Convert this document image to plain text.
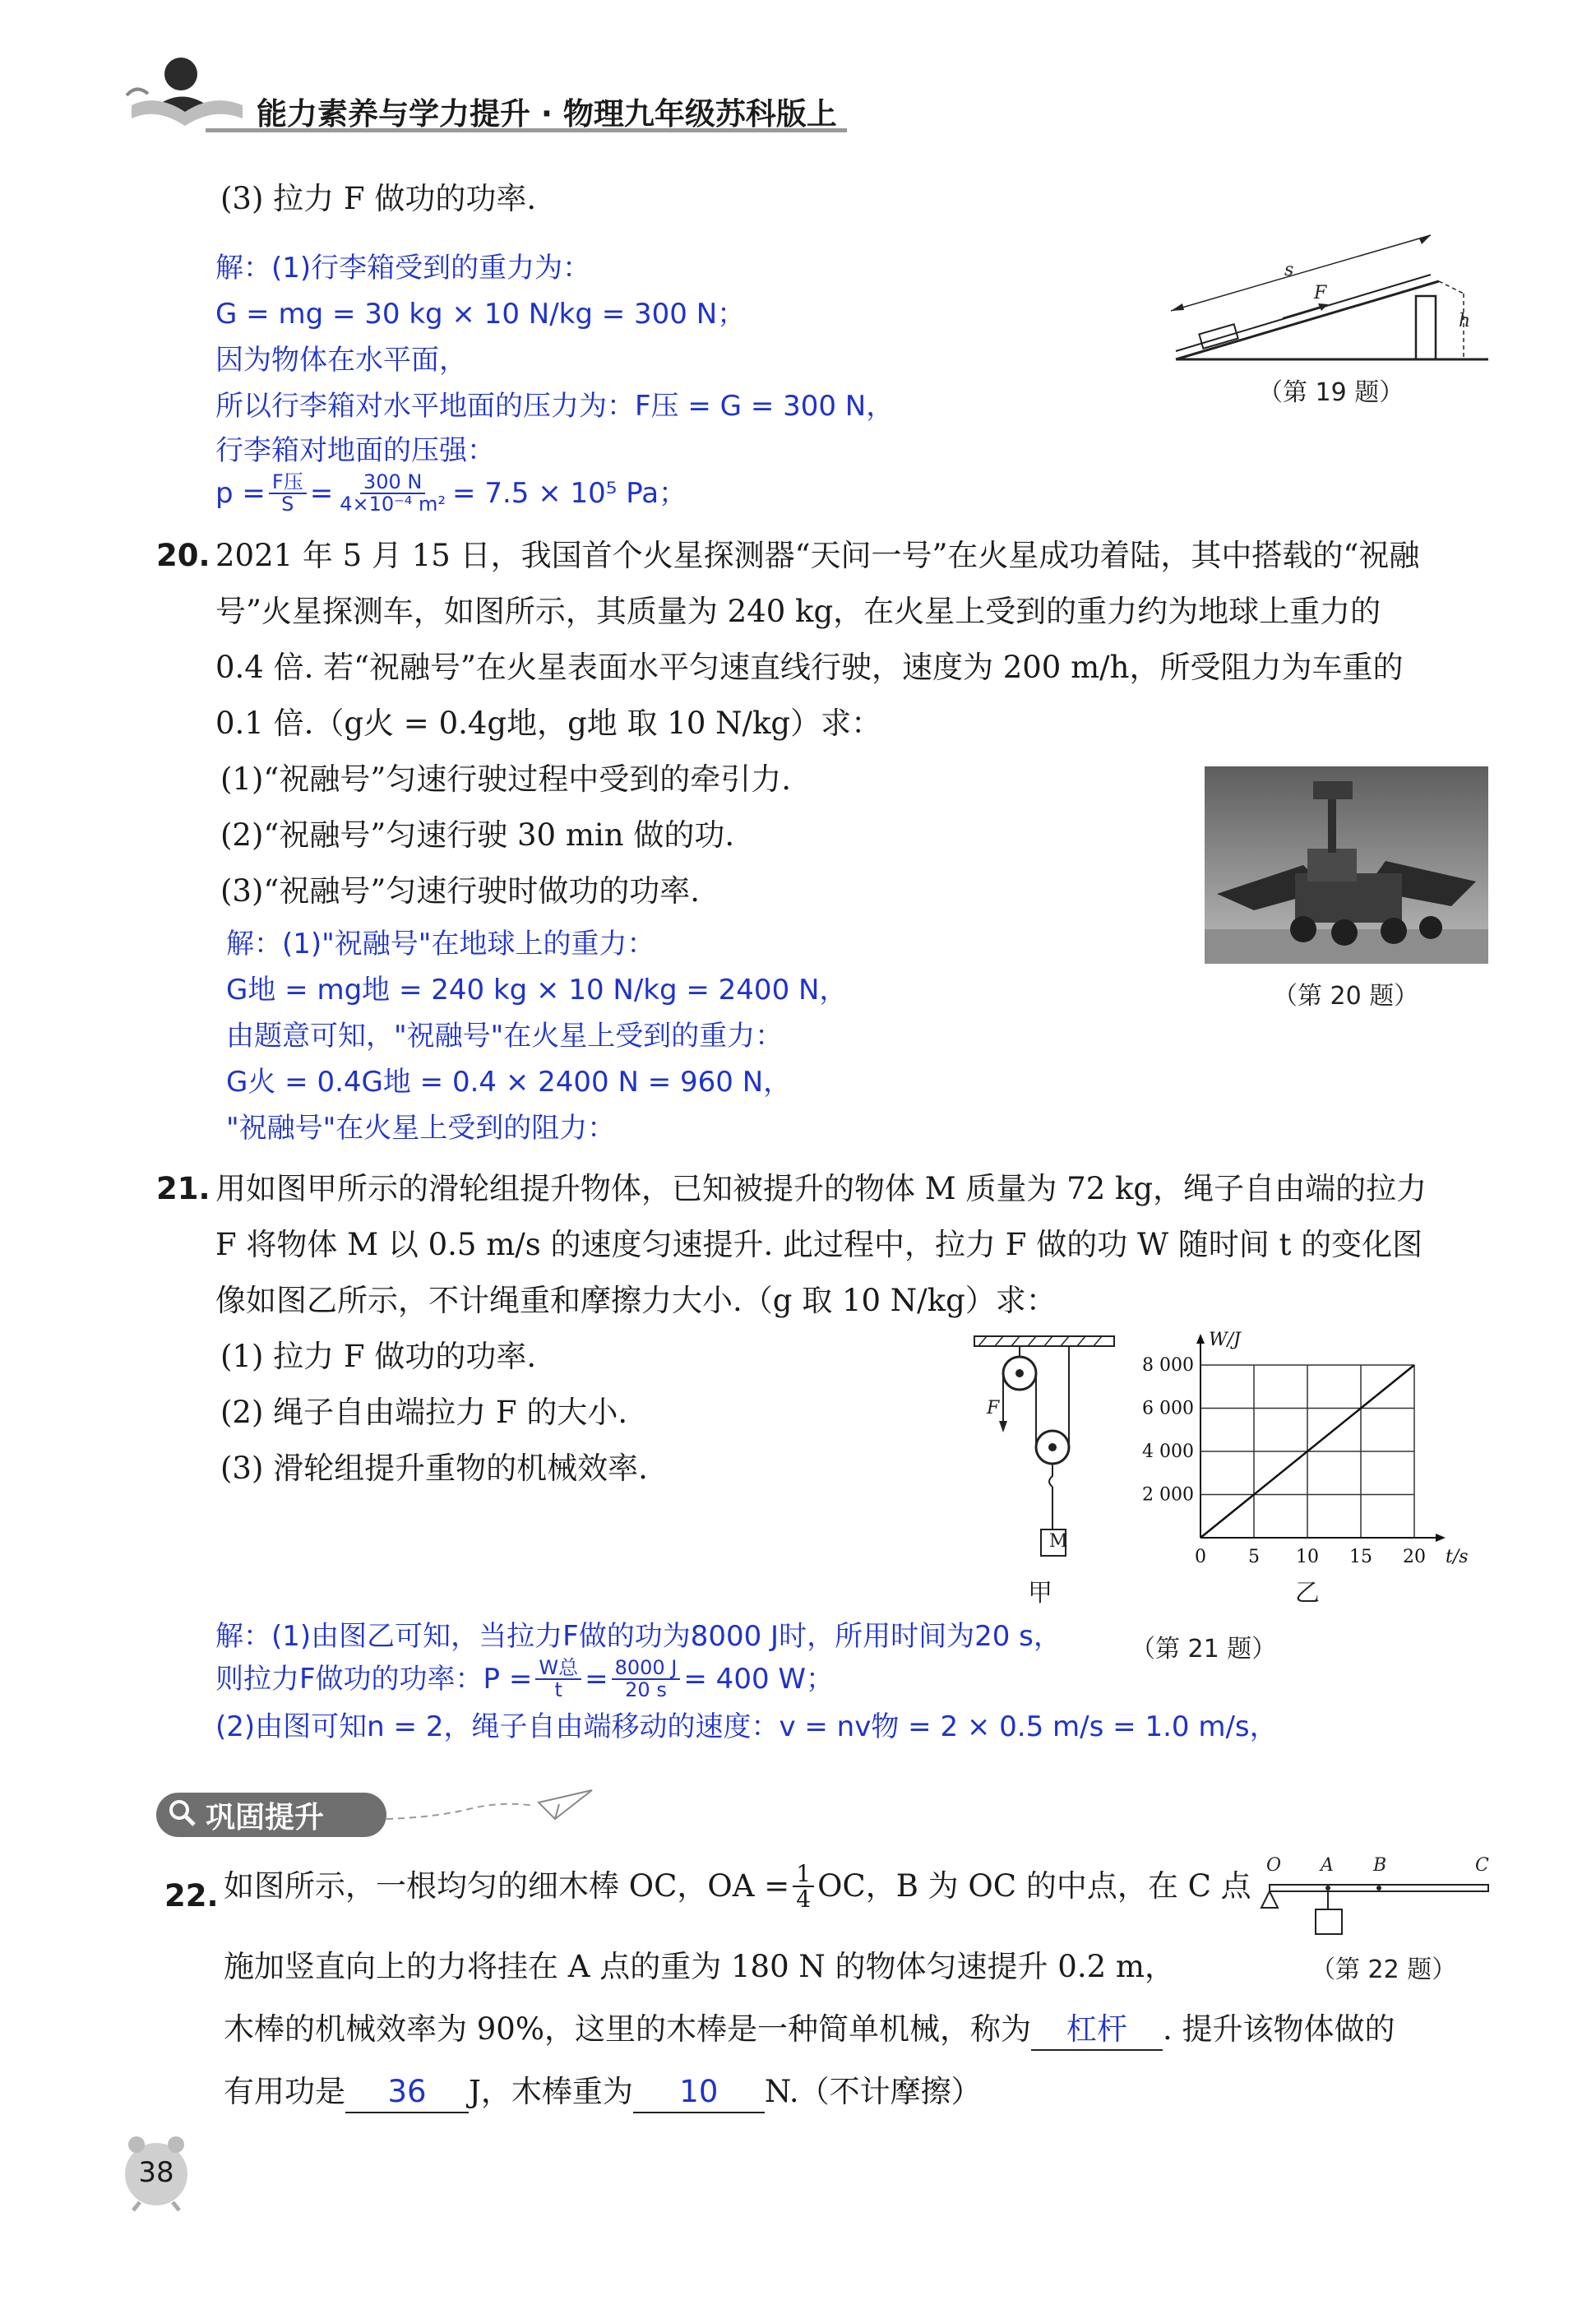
能力素养与学力提升 · 物理九年级苏科版上
(3) 拉力 F 做功的功率.
解：(1)行李箱受到的重力为：
G = mg = 30 kg × 10 N/kg = 300 N；
因为物体在水平面，
所以行李箱对水平地面的压力为：F压 = G = 300 N，
行李箱对地面的压强：
$p = \frac{\text{F压}}{S} = \frac{300 N}{\text{4×10⁻⁴ m²}} = 7.5 \times 10^5$ Pa；
s
F
h
（第 19 题）
20. 2021 年 5 月 15 日，我国首个火星探测器“天问一号”在火星成功着陆，其中搭载的“祝融
号”火星探测车，如图所示，其质量为 240 kg，在火星上受到的重力约为地球上重力的
0.4 倍. 若“祝融号”在火星表面水平匀速直线行驶，速度为 200 m/h，所受阻力为车重的
0.1 倍.（g火 = 0.4g地，g地 取 10 N/kg）求：
(1)“祝融号”匀速行驶过程中受到的牵引力.
(2)“祝融号”匀速行驶 30 min 做的功.
(3)“祝融号”匀速行驶时做功的功率.
解：(1)"祝融号"在地球上的重力：
G地 = mg地 = 240 kg × 10 N/kg = 2400 N，
由题意可知，"祝融号"在火星上受到的重力：
G火 = 0.4G地 = 0.4 × 2400 N = 960 N，
"祝融号"在火星上受到的阻力：
（第 20 题）
21. 用如图甲所示的滑轮组提升物体，已知被提升的物体 M 质量为 72 kg，绳子自由端的拉力
F 将物体 M 以 0.5 m/s 的速度匀速提升. 此过程中，拉力 F 做的功 W 随时间 t 的变化图
像如图乙所示，不计绳重和摩擦力大小.（g 取 10 N/kg）求：
(1) 拉力 F 做功的功率.
(2) 绳子自由端拉力 F 的大小.
(3) 滑轮组提升重物的机械效率.
F
M
甲
0 5 10 15 20
2 000
4 000
6 000
8 000
t/s
W/J
乙
解：(1)由图乙可知，当拉力F做的功为8000 J时，所用时间为20 s，	（第 21 题）
则拉力F做功的功率：$P = \frac{\text{W总}}{t} = \frac{8000 J}{20 s} = 400$ W；
(2)由图可知n = 2，绳子自由端移动的速度：v = nv物 = 2 × 0.5 m/s = 1.0 m/s，
巩固提升
22. 如图所示，一根均匀的细木棒 OC，OA = $\frac{1}{4}$ OC，B 为 OC 的中点，在 C 点
施加竖直向上的力将挂在 A 点的重为 180 N 的物体匀速提升 0.2 m，
木棒的机械效率为 90%，这里的木棒是一种简单机械，称为 杠杆 . 提升该物体做的
有用功是 36 J，木棒重为 10 N.（不计摩擦）
O A B	C
（第 22 题）
38
